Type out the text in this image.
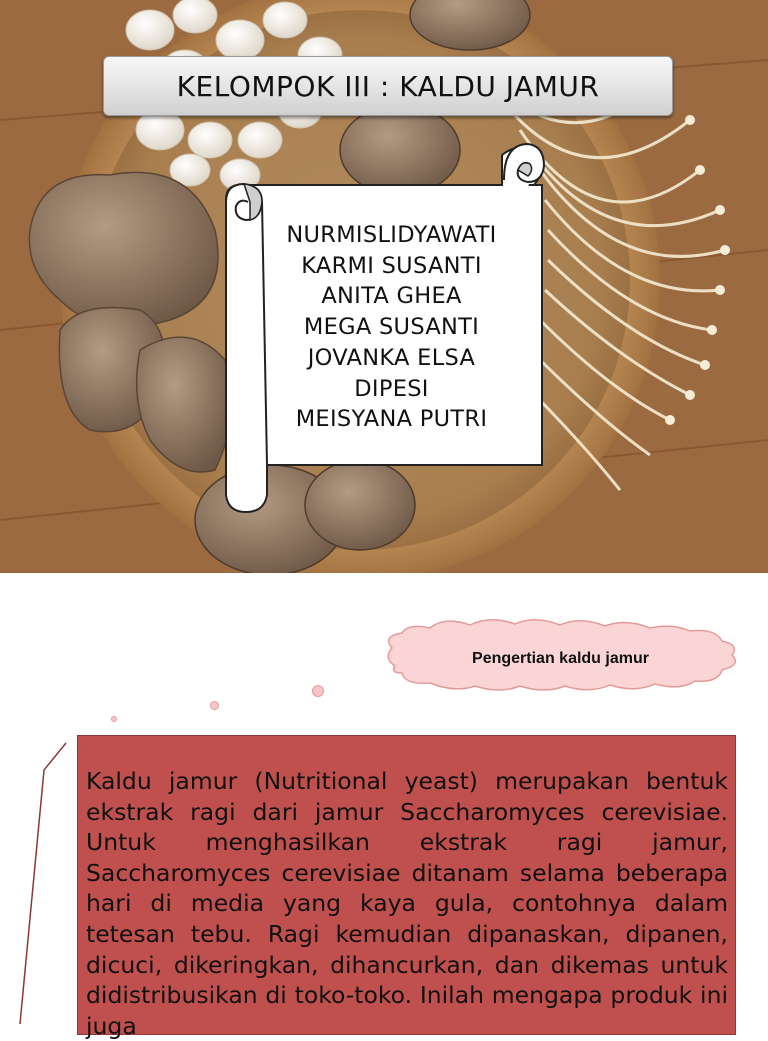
KELOMPOK III : KALDU JAMUR
NURMISLIDYAWATI
KARMI SUSANTI
ANITA GHEA
MEGA SUSANTI
JOVANKA ELSA
DIPESI
MEISYANA PUTRI
Pengertian kaldu jamur

Kaldu jamur (Nutritional yeast) merupakan bentuk ekstrak ragi dari jamur Saccharomyces cerevisiae. Untuk menghasilkan ekstrak ragi jamur, Saccharomyces cerevisiae ditanam selama beberapa hari di media yang kaya gula, contohnya dalam tetesan tebu. Ragi kemudian dipanaskan, dipanen, dicuci, dikeringkan, dihancurkan, dan dikemas untuk didistribusikan di toko-toko. Inilah mengapa produk ini juga
